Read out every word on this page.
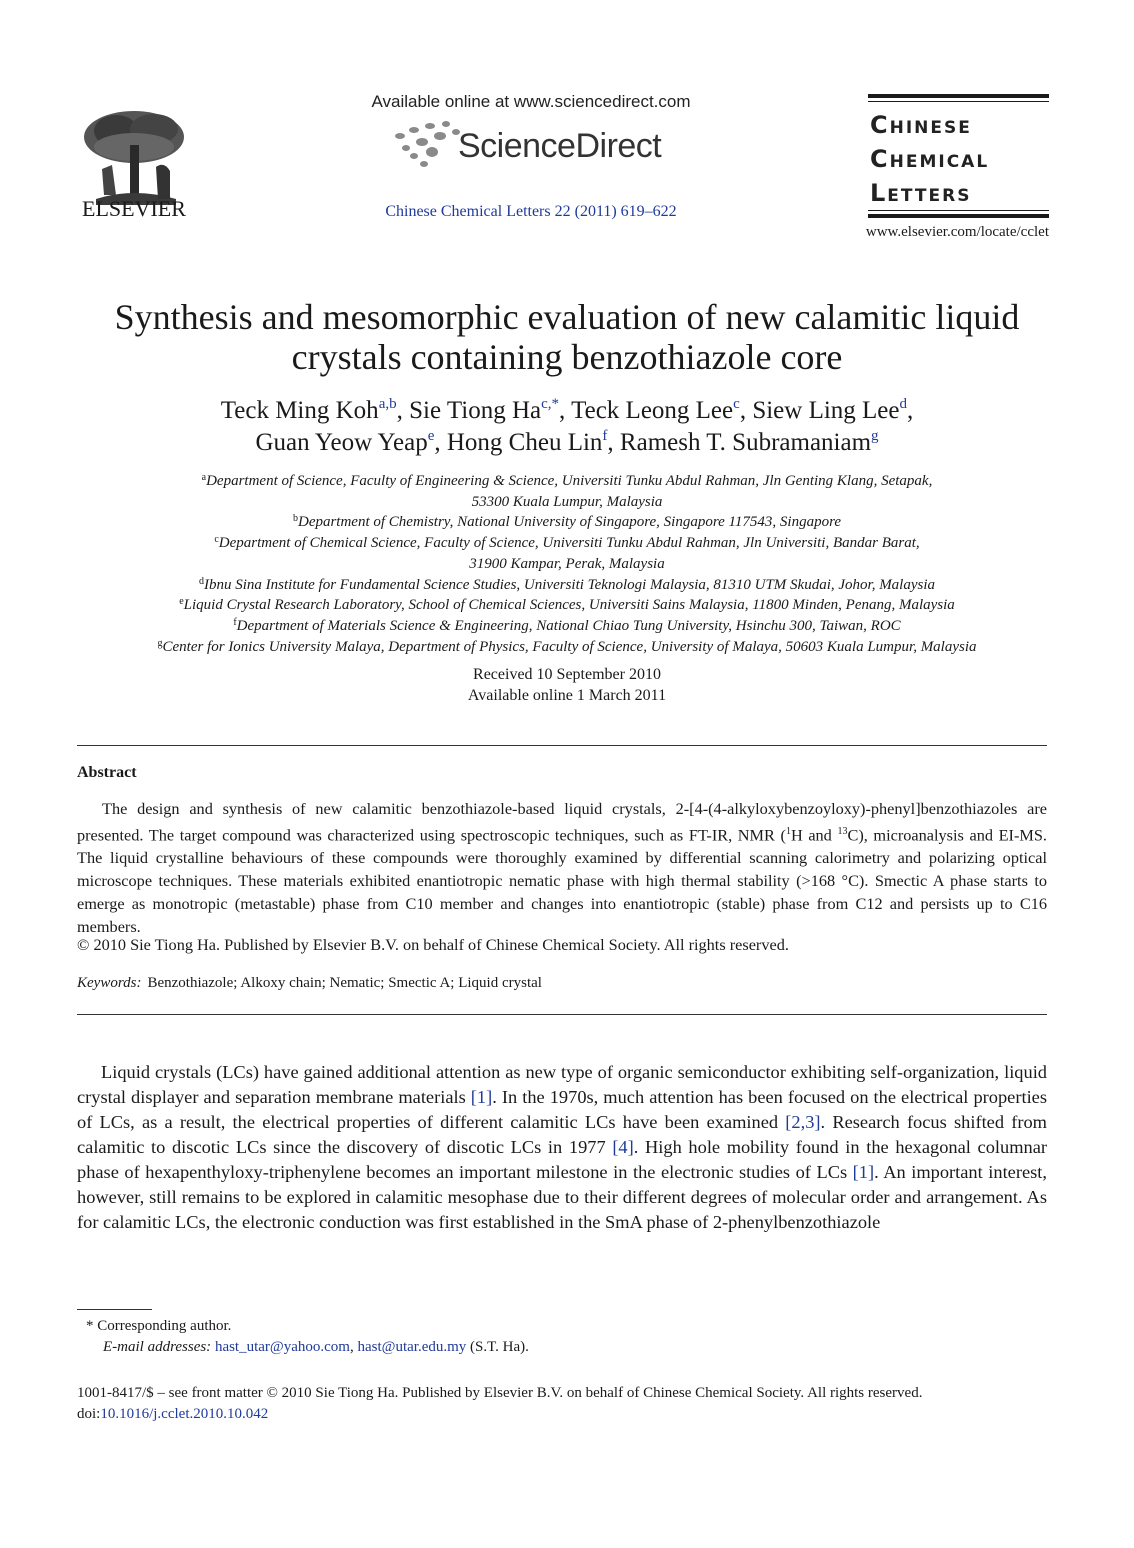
ELSEVIER
Available online at www.sciencedirect.com
ScienceDirect
Chinese Chemical Letters 22 (2011) 619–622
Chinese
Chemical
Letters
www.elsevier.com/locate/cclet
Synthesis and mesomorphic evaluation of new calamitic liquid crystals containing benzothiazole core
Teck Ming Koh$^{a,b}$, Sie Tiong $Ha^{c,*}$, Teck Leong Lee$^c$, Siew Ling Lee$^d$,
Guan Yeow Yeap$^e$, Hong Cheu Lin$^f$, Ramesh T. Subramaniam$^g$
$^a$Department of Science, Faculty of Engineering & Science, Universiti Tunku Abdul Rahman, Jln Genting Klang, Setapak,
53300 Kuala Lumpur, Malaysia
$^b$Department of Chemistry, National University of Singapore, Singapore 117543, Singapore
$^c$Department of Chemical Science, Faculty of Science, Universiti Tunku Abdul Rahman, Jln Universiti, Bandar Barat,
31900 Kampar, Perak, Malaysia
$^d$Ibnu Sina Institute for Fundamental Science Studies, Universiti Teknologi Malaysia, 81310 UTM Skudai, Johor, Malaysia
$^e$Liquid Crystal Research Laboratory, School of Chemical Sciences, Universiti Sains Malaysia, 11800 Minden, Penang, Malaysia
$^f$Department of Materials Science & Engineering, National Chiao Tung University, Hsinchu 300, Taiwan, ROC
$^g$Center for Ionics University Malaya, Department of Physics, Faculty of Science, University of Malaya, 50603 Kuala Lumpur, Malaysia
Received 10 September 2010
Available online 1 March 2011
Abstract

The design and synthesis of new calamitic benzothiazole-based liquid crystals, 2-[4-(4-alkyloxybenzoyloxy)-phenyl]benzothiazoles are presented. The target compound was characterized using spectroscopic techniques, such as FT-IR, NMR ($^1$H and $^{13}$C), microanalysis and EI-MS. The liquid crystalline behaviours of these compounds were thoroughly examined by differential scanning calorimetry and polarizing optical microscope techniques. These materials exhibited enantiotropic nematic phase with high thermal stability (>168 °C). Smectic A phase starts to emerge as monotropic (metastable) phase from C10 member and changes into enantiotropic (stable) phase from C12 and persists up to C16 members.

© 2010 Sie Tiong Ha. Published by Elsevier B.V. on behalf of Chinese Chemical Society. All rights reserved.
Keywords: Benzothiazole; Alkoxy chain; Nematic; Smectic A; Liquid crystal

Liquid crystals (LCs) have gained additional attention as new type of organic semiconductor exhibiting self-organization, liquid crystal displayer and separation membrane materials [1]. In the 1970s, much attention has been focused on the electrical properties of LCs, as a result, the electrical properties of different calamitic LCs have been examined [2,3]. Research focus shifted from calamitic to discotic LCs since the discovery of discotic LCs in 1977 [4]. High hole mobility found in the hexagonal columnar phase of hexapenthyloxy-triphenylene becomes an important milestone in the electronic studies of LCs [1]. An important interest, however, still remains to be explored in calamitic mesophase due to their different degrees of molecular order and arrangement. As for calamitic LCs, the electronic conduction was first established in the SmA phase of 2-phenylbenzothiazole

* Corresponding author.
E-mail addresses: hast_utar@yahoo.com, hast@utar.edu.my (S.T. Ha).
1001-8417/$ – see front matter © 2010 Sie Tiong Ha. Published by Elsevier B.V. on behalf of Chinese Chemical Society. All rights reserved.
doi:10.1016/j.cclet.2010.10.042
